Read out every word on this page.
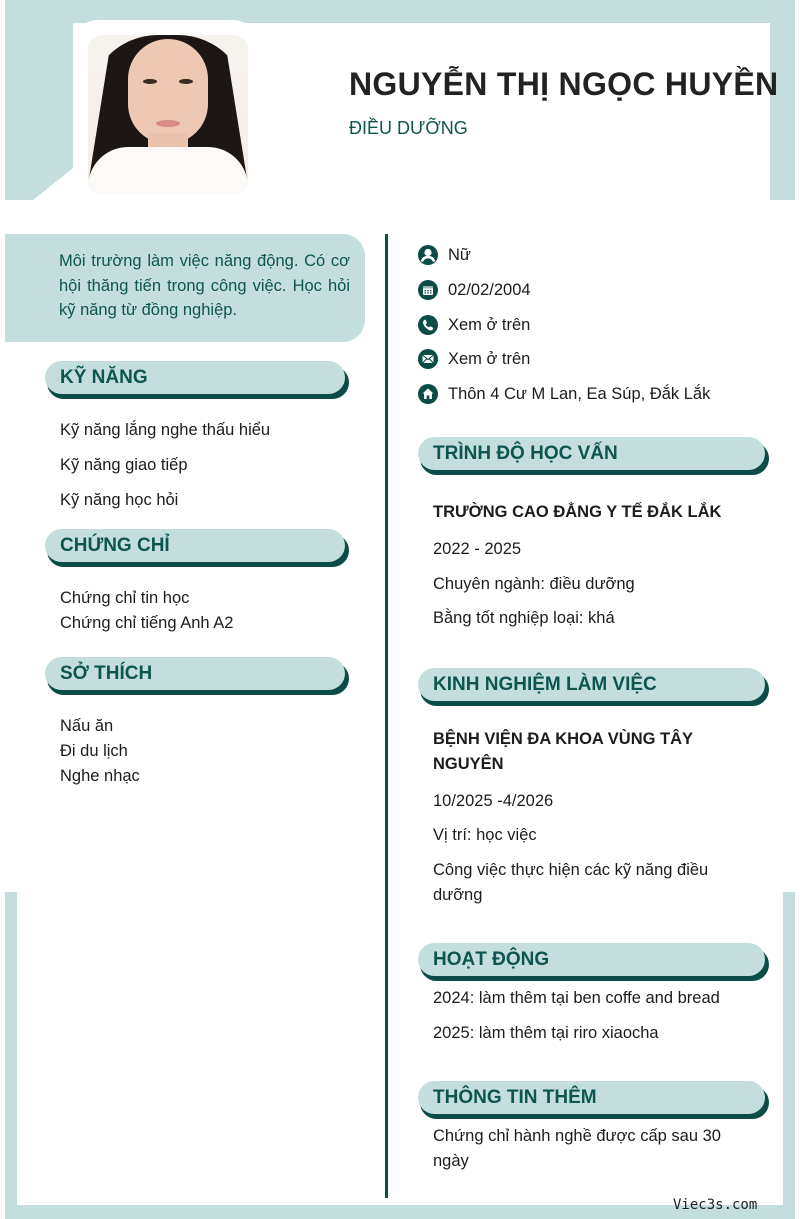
NGUYỄN THỊ NGỌC HUYỀN
ĐIỀU DƯỠNG

Môi trường làm việc năng động. Có cơ hội thăng tiến trong công việc. Học hỏi kỹ năng từ đồng nghiệp.

KỸ NĂNG
Kỹ năng lắng nghe thấu hiểu
Kỹ năng giao tiếp
Kỹ năng học hỏi
CHỨNG CHỈ
Chứng chỉ tin học
Chứng chỉ tiếng Anh A2
SỞ THÍCH
Nấu ăn
Đi du lịch
Nghe nhạc
Nữ
02/02/2004
Xem ở trên
Xem ở trên
Thôn 4 Cư M Lan, Ea Súp, Đắk Lắk
TRÌNH ĐỘ HỌC VẤN
TRƯỜNG CAO ĐẲNG Y TẾ ĐẮK LẮK
2022 - 2025
Chuyên ngành: điều dưỡng
Bằng tốt nghiệp loại: khá
KINH NGHIỆM LÀM VIỆC
BỆNH VIỆN ĐA KHOA VÙNG TÂY NGUYÊN
10/2025 -4/2026
Vị trí: học việc
Công việc thực hiện các kỹ năng điều dưỡng
HOẠT ĐỘNG
2024: làm thêm tại ben coffe and bread
2025: làm thêm tại riro xiaocha
THÔNG TIN THÊM
Chứng chỉ hành nghề được cấp sau 30 ngày
Viec3s.com
